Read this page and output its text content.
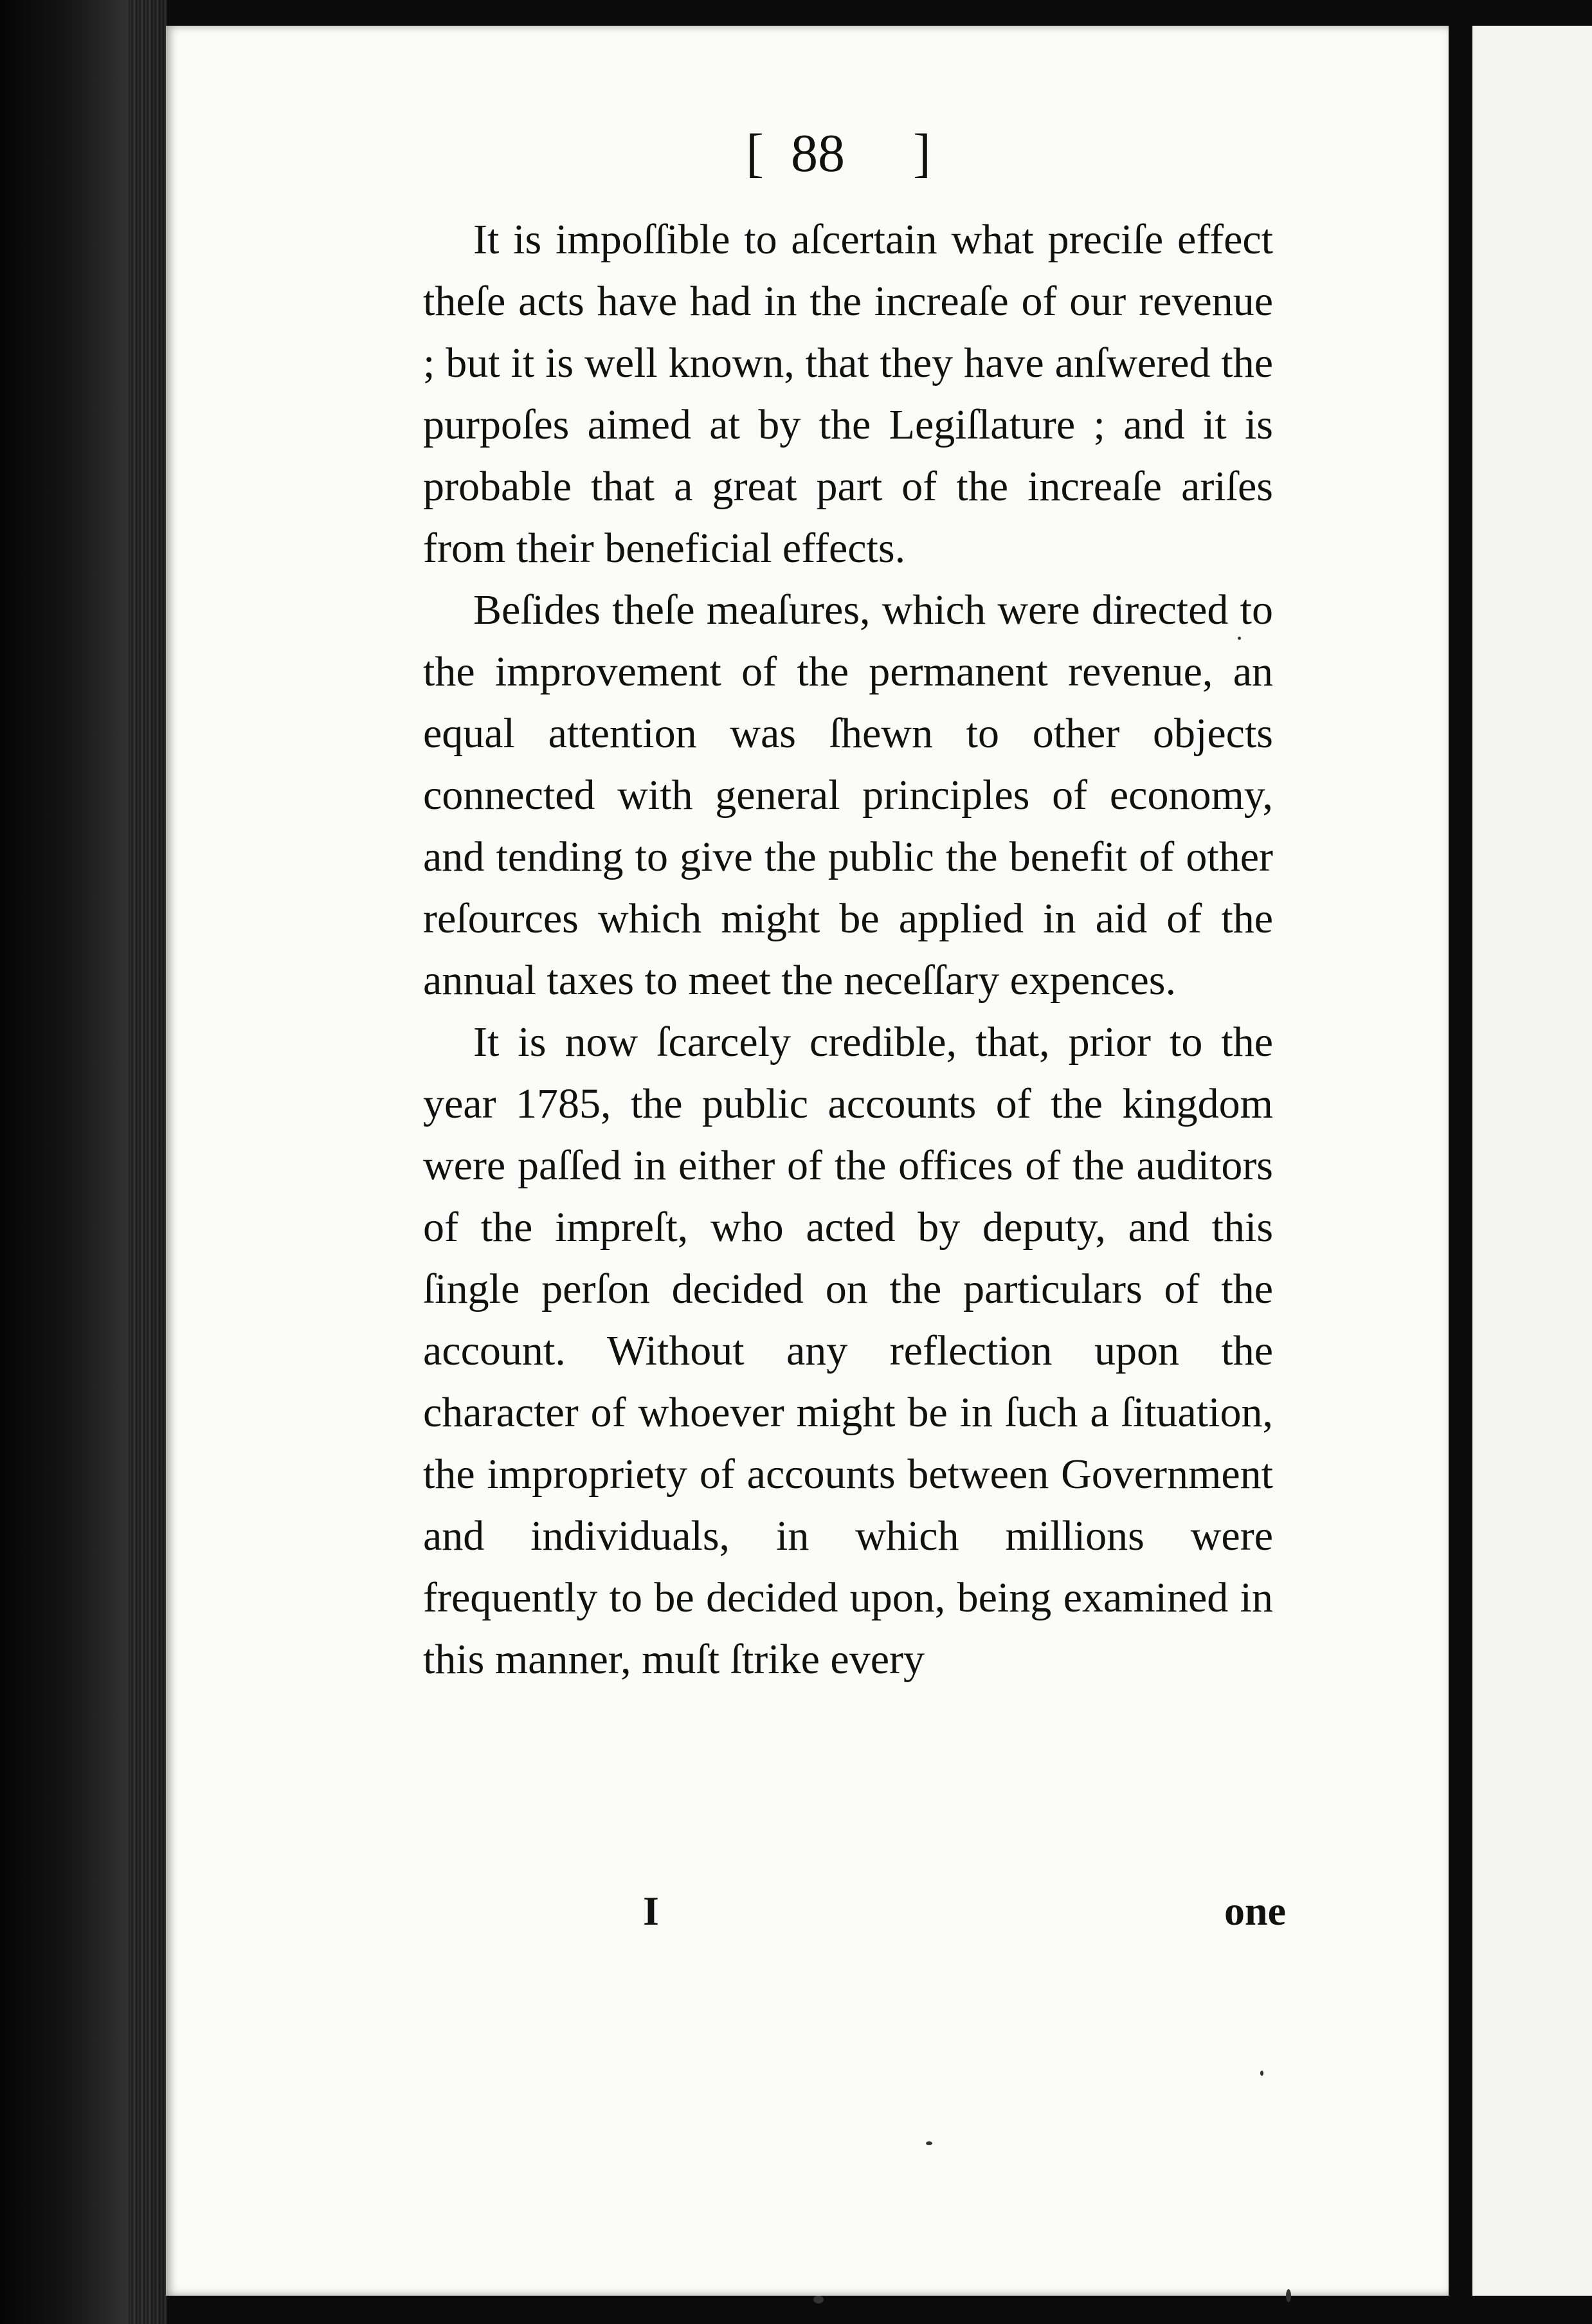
[ 88 ]

It is impoſſible to aſcertain what preciſe effect theſe acts have had in the increaſe of our revenue ; but it is well known, that they have anſwered the purpoſes aimed at by the Legiſlature ; and it is probable that a great part of the increaſe ariſes from their beneficial effects.

Beſides theſe meaſures, which were directed to the improvement of the permanent revenue, an equal attention was ſhewn to other objects connected with general principles of economy, and tending to give the public the benefit of other reſources which might be applied in aid of the annual taxes to meet the neceſſary expences.

It is now ſcarcely credible, that, prior to the year 1785, the public accounts of the kingdom were paſſed in either of the offices of the auditors of the impreſt, who acted by deputy, and this ſingle perſon decided on the particulars of the account. Without any reflection upon the character of whoever might be in ſuch a ſituation, the impropriety of accounts between Government and individuals, in which millions were frequently to be decided upon, being examined in this manner, muſt ſtrike every

I	one
